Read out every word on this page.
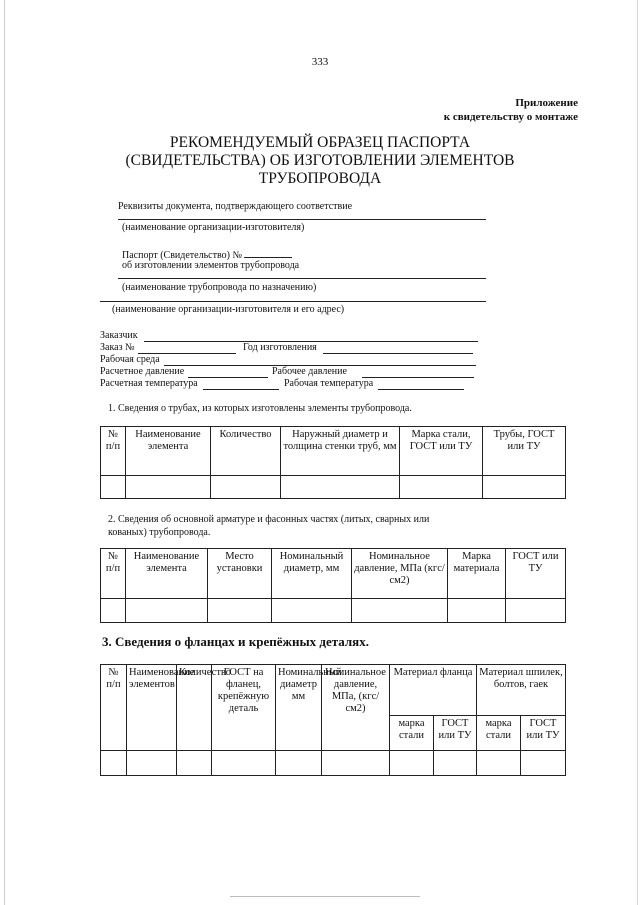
333
Приложение
к свидетельству о монтаже
РЕКОМЕНДУЕМЫЙ ОБРАЗЕЦ ПАСПОРТА
(СВИДЕТЕЛЬСТВА) ОБ ИЗГОТОВЛЕНИИ ЭЛЕМЕНТОВ
ТРУБОПРОВОДА
Реквизиты документа, подтверждающего соответствие
(наименование организации-изготовителя)
Паспорт (Свидетельство) №
об изготовлении элементов трубопровода
(наименование трубопровода по назначению)
(наименование организации-изготовителя и его адрес)
Заказчик
Заказ №	Год изготовления
Рабочая среда
Расчетное давление	Рабочее давление
Расчетная температура	Рабочая температура
1. Сведения о трубах, из которых изготовлены элементы трубопровода.
№ п/п	Наименование элемента	Количество	Наружный диаметр и толщина стенки труб, мм	Марка стали, ГОСТ или ТУ	Трубы, ГОСТ или ТУ

2. Сведения об основной арматуре и фасонных частях (литых, сварных или
кованых) трубопровода.
№ п/п	Наименование элемента	Место установки	Номинальный диаметр, мм	Номинальное давление, МПа (кгс/см2)	Марка материала	ГОСТ или ТУ

3. Сведения о фланцах и крепёжных деталях.
№ п/п	Наименование элементов	Количество	ГОСТ на фланец, крепёжную деталь	Номинальный диаметр мм	Номинальное давление, МПа, (кгс/см2)	Материал фланца		Материал шпилек, болтов, гаек	
						марка стали	ГОСТ или ТУ	марка стали	ГОСТ или ТУ
